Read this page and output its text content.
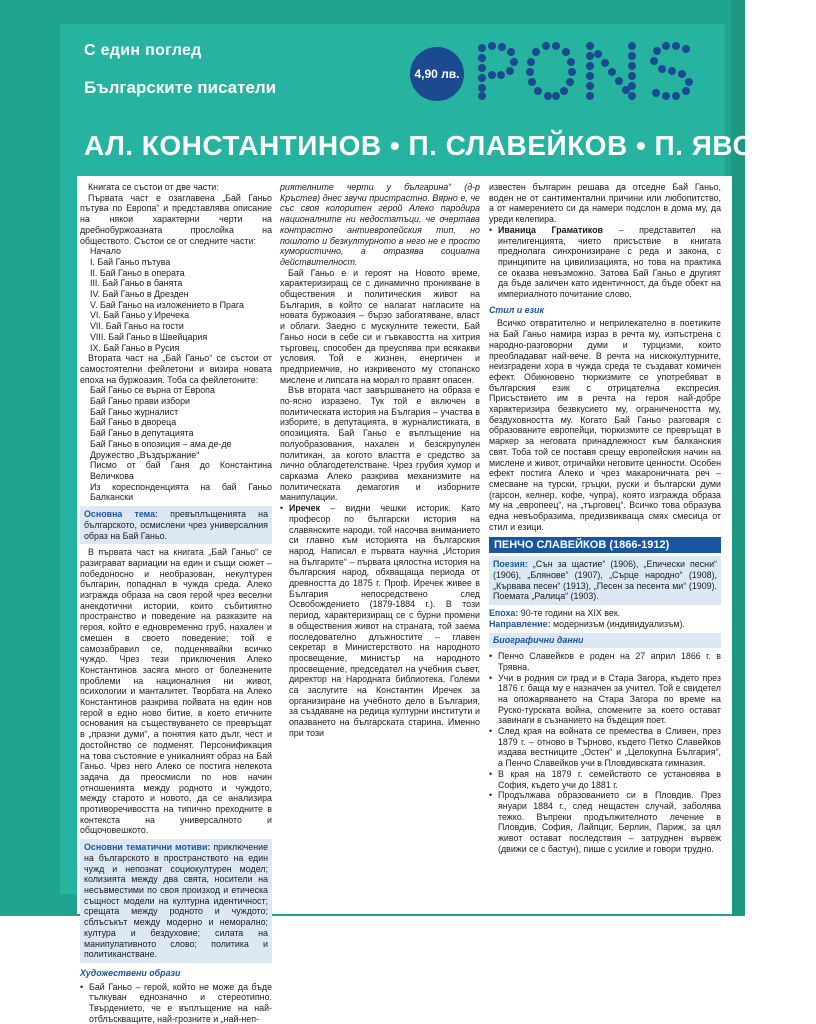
С един поглед
Българските писатели
4,90 лв.
PONS
АЛ. КОНСТАНТИНОВ • П. СЛАВЕЙКОВ • П. ЯВОРОВ

Книгата се състои от две части:

Първата част е озаглавена „Бай Ганьо пътува по Европа“ и представлява описание на някои характерни черти на дребнобуржоазната прослойка на обществото. Състои се от следните части:

Начало
I. Бай Ганьо пътува
II. Бай Ганьо в операта
III. Бай Ганьо в банята
IV. Бай Ганьо в Дрезден
V. Бай Ганьо на изложението в Прага
VI. Бай Ганьо у Иречека
VII. Бай Ганьо на гости
VIII. Бай Ганьо в Швейцария
IX. Бай Ганьо в Русия

Втората част на „Бай Ганьо“ се състои от самостоятелни фейлетони и визира новата епоха на буржоазия. Тоба са фейлетоните:

Бай Ганьо се върна от Европа
Бай Ганьо прави избори
Бай Ганьо журналист
Бай Ганьо в двореца
Бай Ганьо в депутацията
Бай Ганьо в опозиция – ама де-де
Дружество „Въздържание“
Писмо от бай Ганя до Константина Величкова
Из кореспонденцията на бай Ганьо Балкански
Основна тема: превъплъщенията на българското, осмислени чрез универсалния образ на Бай Ганьо.

В първата част на книгата „Бай Ганьо“ се разиграват вариации на един и същи сюжет – победоносно и необразован, некултурен българин, попаднал в чужда среда. Алеко изгражда образа на своя герой чрез веселни анекдотични истории, които събитиятно пространство и поведение на разказите на героя, който е едновременно груб, нахален и смешен в своето поведение; той е самозабравил се, подценявайки всичко чуждо. Чрез тези приключения Алеко Константинов засяга много от болезнените проблеми на националния ни живот, психологии и манталитет. Творбата на Алеко Константинов разкрива пойвата на един нов герой в едно ново битие, в което етичните основания на съществуването се превръщат в „празни думи“, а понятия като дълг, чест и достойнство се подменят. Персонификация на това състояние е уникалният образ на Бай Ганьо. Чрез него Алеко се постига нелекота задача да преосмисли по нов начин отношенията между родното и чуждото, между старото и новото, да се анализира противоречивостта на типично преходните в контекста на универсалното и общочовешкото.

Основни тематични мотиви: приключение на българското в пространството на един чужд и непознат социокултурен модел; колизията между два свята, носители на несъвместими по своя произход и етическа същност модели на културна идентичност; срещата между родното и чуждото; сблъсъкът между модерно и неморално; културa и бездуховие; силата на манипулативното слово; политика и политиканстване.
Художествени образи
• Бай Ганьо – герой, който не може да бъде тълкуван еднозначно и стереотипно. Твърдението, че е въплъщение на най-отблъскващите, най-грозните и „най-неп-

риятелните черти у българина“ (д-р Кръстев) днес звучи пристрастно. Вярно е, че със своя колоритен герой Алеко пародира националните ни недостатъци, че очертава контрастно антиевропейския тип, но пошлото и безкултурното в него не е просто хумористично, а отразява социална действителност.

Бай Ганьо е и героят на Новото време, характеризиращ се с динамично проникване в обществения и политическия живот на България, в който се налагат нагласите на новата буржоазия – бързо забогатяване, власт и облаги. Заедно с мускулните тежести, Бай Ганьо носи в себе си и гъвкавостта на хитрия търговец, способен да преуспява при всякакви условия. Той е жизнен, енергичен и предприемчив, но изкривеното му стопанско мислене и липсата на морал го правят опасен.

Във втората част завършването на образа е по-ясно изразено. Тук той е включен в политическата история на България – участва в изборите, в депутацията, в журналистиката, в опозицията. Бай Ганьо е въплъщение на полуобразования, нахален и безскрупулен политикан, за когото властта е средство за лично облагодетелстване. Чрез грубия хумор и сарказма Алеко разкрива механизмите на политическата демагогия и изборните манипулации.

• Иречек – видни чешки историк. Като професор по български история на славянските народи, той насочва вниманието си главно към историята на българския народ. Написал е първата научна „История на българите“ – първата цялостна история на българския народ, обхващаща периода от древността до 1875 г. Проф. Иречек живее в България непосредствено след Освобождението (1879-1884 г.). В този период, характеризиращ се с бурни промени в обществения живот на страната, той заема последователно длъжностите – главен секретар в Министерството на народното просвещение, министър на народното просвещение, председател на учебния съвет, директор на Народната библиотека. Големи са заслугите на Константин Иречек за организиране на учебното дело в България, за създаване на редица културни институти и опазването на българската старина. Именно при този

известен българин решава да отседне Бай Ганьо, воден не от сантиментални причини или любопитство, а от намерението си да намери подслон в дома му, да уреди келепира.

• Иваница Граматиков – представител на интелигенцията, чието присъствие в книгата преднолага синхронизиране с реда и закона, с принципите на цивилизацията, но това на практика се оказва невъзможно. Затова Бай Ганьо е другият да бъде заличен като идентичност, да бъде обект на империалното почитание слово.
Стил и език

Всичко отвратително и неприлекателно в поетиките на Бай Ганьо намира израз в речта му, изпъстрена с народно-разговорни думи и турцизми, които преобладават най-вече. В речта на нискокултурните, неизградени хора в чужда среда те създават комичен ефект. Обикновено тюркизмите се употребяват в българския език с отрицателна експресия. Присъствието им в речта на героя най-добре характеризира безвкусието му, ограничеността му, бездуховността му. Когато Бай Ганьо разговаря с образованите европейци, тюркизмите се превръщат в маркер за неговата принадлежност към балканския свят. Тоба той се поставя срещу европейския начин на мислене и живот, отричайки неговите ценности. Особен ефект постига Алеко и чрез макароничната реч – смесване на турски, гръцки, руски и български думи (гарсон, келнер, кофе, чупра), която изгражда образа му на „европеец“, на „търговец“. Всичко това образува една невъобразима, предизвикваща смях смесица от стил и езици.

ПЕНЧО СЛАВЕЙКОВ (1866-1912)
Поезия: „Сън за щастие“ (1906), „Епически песни“ (1906), „Блянове“ (1907), „Сърце народно“ (1908), „Кървава песен“ (1913), „Песен за песента ми“ (1909). Поемата „Ралица“ (1903).
Епоха: 90-те години на XIX век.
Направление: модернизъм (индивидуализъм).
Биографични данни
• Пенчо Славейков е роден на 27 април 1866 г. в Трявна.
• Учи в родния си град и в Стара Загора, където през 1876 г. баща му е назначен за учител. Той е свидетел на опожаряването на Стара Загора по време на Руско-турската война, спомените за което остават завинаги в съзнанието на бъдещия поет.
• След края на войната се премества в Сливен, през 1879 г. – отново в Търново, където Петко Славейков издава вестниците „Остен“ и „Целокупна България“, а Пенчо Славейков учи в Пловдивската гимназия.
• В края на 1879 г. семейството се установява в София, където учи до 1881 г.
• Продължава образованието си в Пловдив. През януари 1884 г., след нещастен случай, заболява тежко. Въпреки продължителното лечение в Пловдив, София, Лайпциг, Берлин, Париж, за цял живот остават последствия – затруднен вървеж (движи се с бастун), пише с усилие и говори трудно.
